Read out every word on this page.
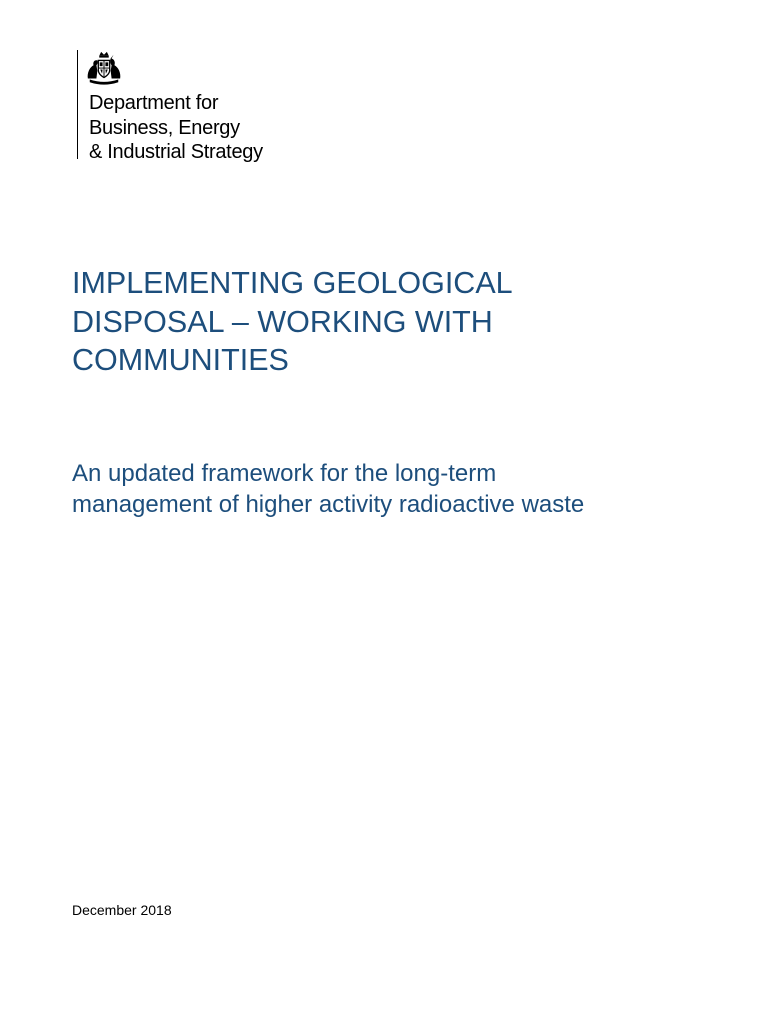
Department for
Business, Energy
& Industrial Strategy

IMPLEMENTING GEOLOGICAL
DISPOSAL – WORKING WITH
COMMUNITIES
An updated framework for the long-term
management of higher activity radioactive waste

December 2018
